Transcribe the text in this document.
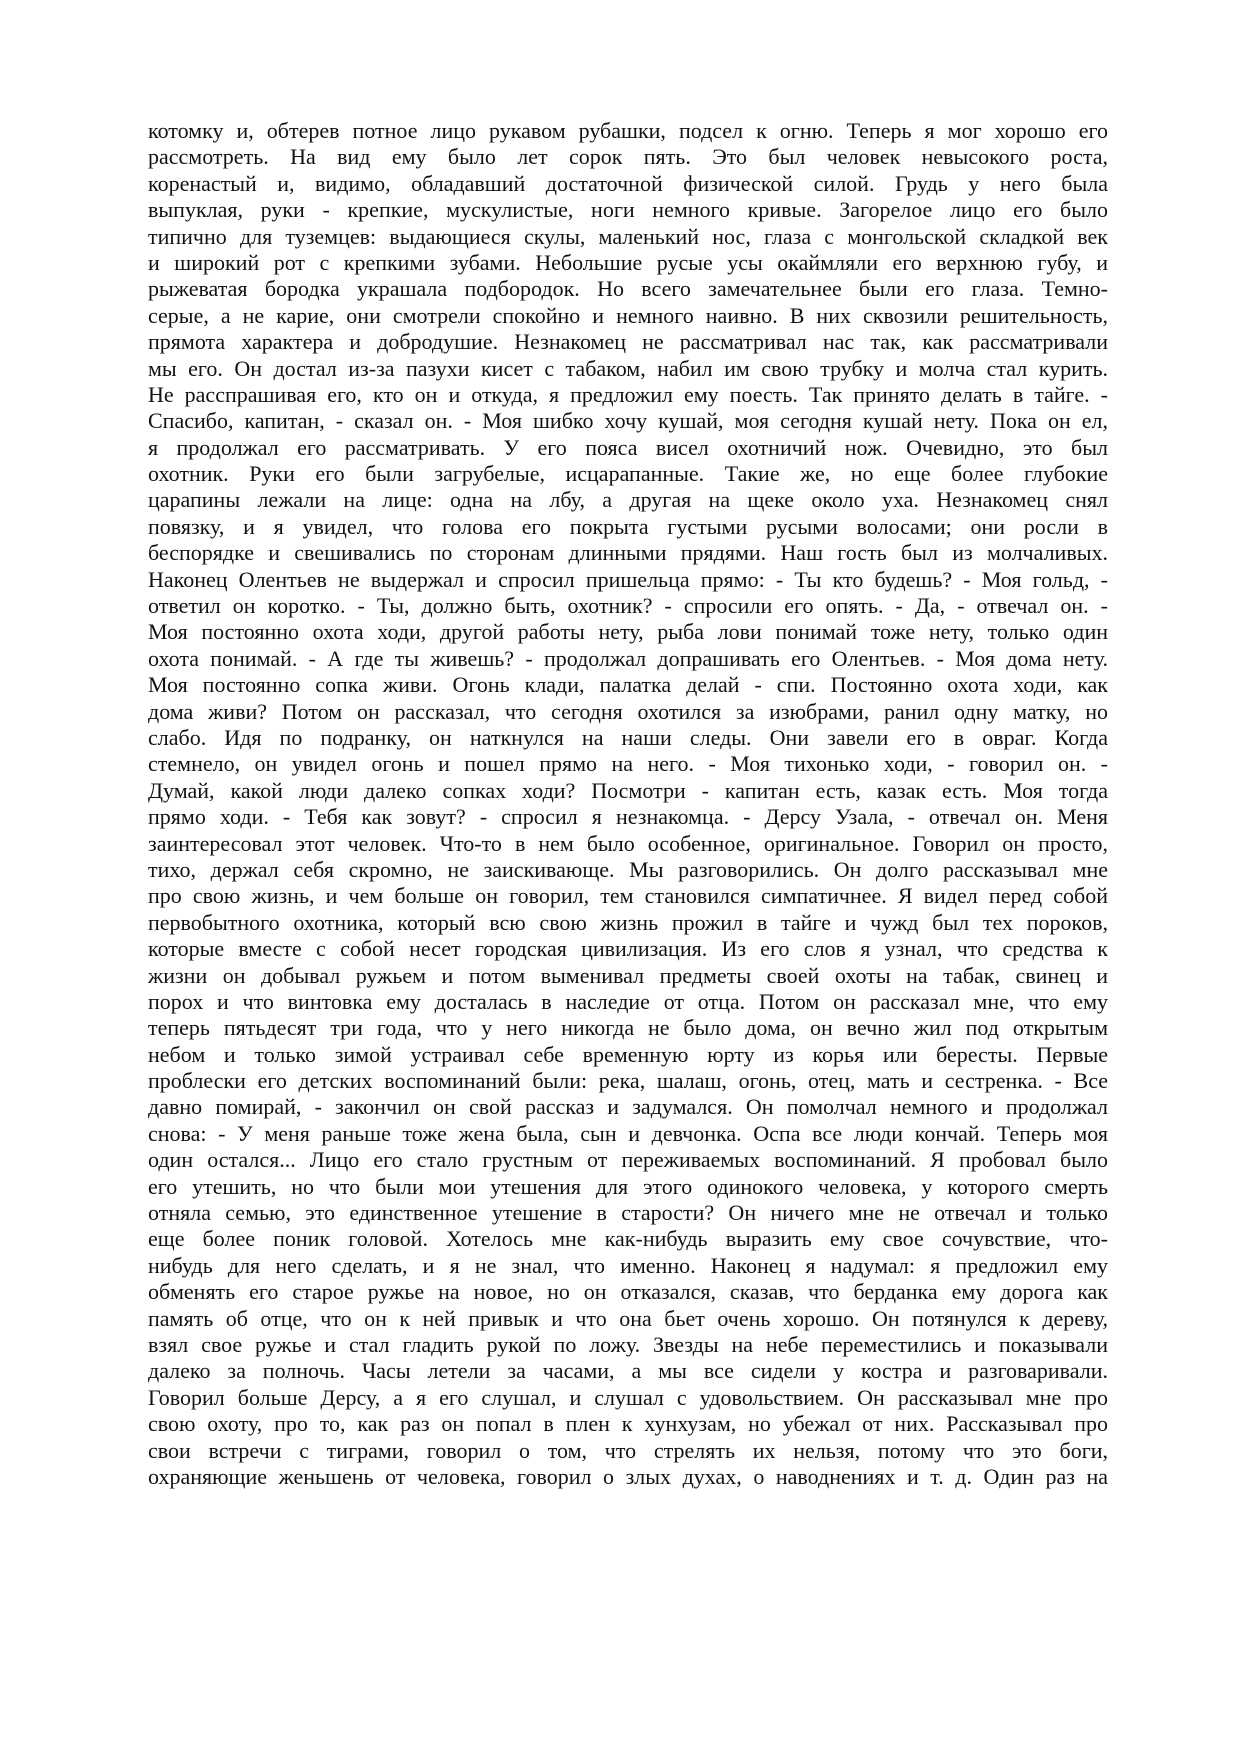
котомку и, обтерев потное лицо рукавом рубашки, подсел к огню. Теперь я мог хорошо его
рассмотреть. На вид ему было лет сорок пять. Это был человек невысокого роста,
коренастый и, видимо, обладавший достаточной физической силой. Грудь у него была
выпуклая, руки - крепкие, мускулистые, ноги немного кривые. Загорелое лицо его было
типично для туземцев: выдающиеся скулы, маленький нос, глаза с монгольской складкой век
и широкий рот с крепкими зубами. Небольшие русые усы окаймляли его верхнюю губу, и
рыжеватая бородка украшала подбородок. Но всего замечательнее были его глаза. Темно-
серые, а не карие, они смотрели спокойно и немного наивно. В них сквозили решительность,
прямота характера и добродушие. Незнакомец не рассматривал нас так, как рассматривали
мы его. Он достал из-за пазухи кисет с табаком, набил им свою трубку и молча стал курить.
Не расспрашивая его, кто он и откуда, я предложил ему поесть. Так принято делать в тайге. -
Спасибо, капитан, - сказал он. - Моя шибко хочу кушай, моя сегодня кушай нету. Пока он ел,
я продолжал его рассматривать. У его пояса висел охотничий нож. Очевидно, это был
охотник. Руки его были загрубелые, исцарапанные. Такие же, но еще более глубокие
царапины лежали на лице: одна на лбу, а другая на щеке около уха. Незнакомец снял
повязку, и я увидел, что голова его покрыта густыми русыми волосами; они росли в
беспорядке и свешивались по сторонам длинными прядями. Наш гость был из молчаливых.
Наконец Олентьев не выдержал и спросил пришельца прямо: - Ты кто будешь? - Моя гольд, -
ответил он коротко. - Ты, должно быть, охотник? - спросили его опять. - Да, - отвечал он. -
Моя постоянно охота ходи, другой работы нету, рыба лови понимай тоже нету, только один
охота понимай. - А где ты живешь? - продолжал допрашивать его Олентьев. - Моя дома нету.
Моя постоянно сопка живи. Огонь клади, палатка делай - спи. Постоянно охота ходи, как
дома живи? Потом он рассказал, что сегодня охотился за изюбрами, ранил одну матку, но
слабо. Идя по подранку, он наткнулся на наши следы. Они завели его в овраг. Когда
стемнело, он увидел огонь и пошел прямо на него. - Моя тихонько ходи, - говорил он. -
Думай, какой люди далеко сопках ходи? Посмотри - капитан есть, казак есть. Моя тогда
прямо ходи. - Тебя как зовут? - спросил я незнакомца. - Дерсу Узала, - отвечал он. Меня
заинтересовал этот человек. Что-то в нем было особенное, оригинальное. Говорил он просто,
тихо, держал себя скромно, не заискивающе. Мы разговорились. Он долго рассказывал мне
про свою жизнь, и чем больше он говорил, тем становился симпатичнее. Я видел перед собой
первобытного охотника, который всю свою жизнь прожил в тайге и чужд был тех пороков,
которые вместе с собой несет городская цивилизация. Из его слов я узнал, что средства к
жизни он добывал ружьем и потом выменивал предметы своей охоты на табак, свинец и
порох и что винтовка ему досталась в наследие от отца. Потом он рассказал мне, что ему
теперь пятьдесят три года, что у него никогда не было дома, он вечно жил под открытым
небом и только зимой устраивал себе временную юрту из корья или бересты. Первые
проблески его детских воспоминаний были: река, шалаш, огонь, отец, мать и сестренка. - Все
давно помирай, - закончил он свой рассказ и задумался. Он помолчал немного и продолжал
снова: - У меня раньше тоже жена была, сын и девчонка. Оспа все люди кончай. Теперь моя
один остался... Лицо его стало грустным от переживаемых воспоминаний. Я пробовал было
его утешить, но что были мои утешения для этого одинокого человека, у которого смерть
отняла семью, это единственное утешение в старости? Он ничего мне не отвечал и только
еще более поник головой. Хотелось мне как-нибудь выразить ему свое сочувствие, что-
нибудь для него сделать, и я не знал, что именно. Наконец я надумал: я предложил ему
обменять его старое ружье на новое, но он отказался, сказав, что берданка ему дорога как
память об отце, что он к ней привык и что она бьет очень хорошо. Он потянулся к дереву,
взял свое ружье и стал гладить рукой по ложу. Звезды на небе переместились и показывали
далеко за полночь. Часы летели за часами, а мы все сидели у костра и разговаривали.
Говорил больше Дерсу, а я его слушал, и слушал с удовольствием. Он рассказывал мне про
свою охоту, про то, как раз он попал в плен к хунхузам, но убежал от них. Рассказывал про
свои встречи с тиграми, говорил о том, что стрелять их нельзя, потому что это боги,
охраняющие женьшень от человека, говорил о злых духах, о наводнениях и т. д. Один раз на
